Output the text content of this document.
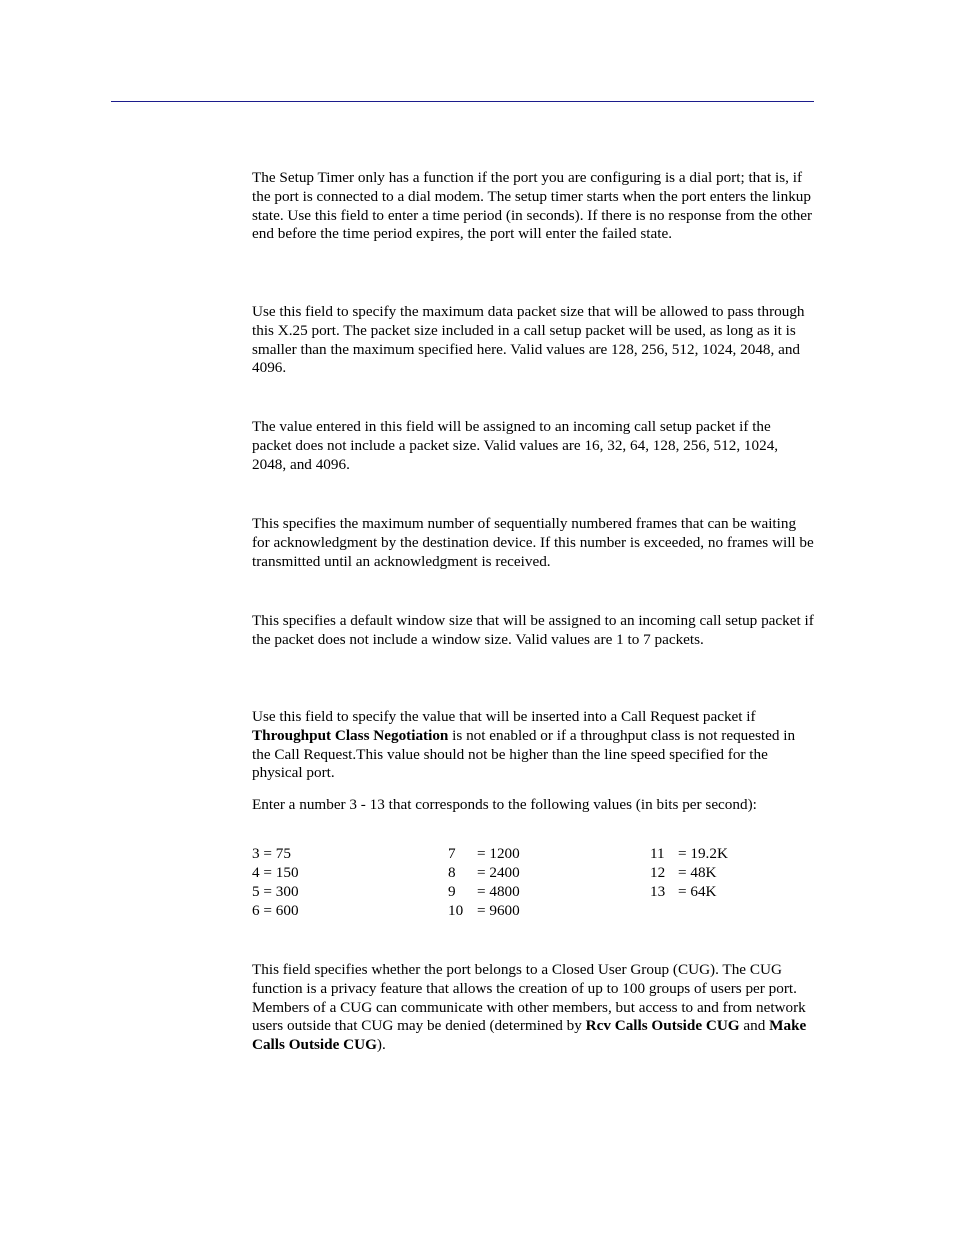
The Setup Timer only has a function if the port you are configuring is a dial port; that is, if the port is connected to a dial modem. The setup timer starts when the port enters the linkup state. Use this field to enter a time period (in seconds). If there is no response from the other end before the time period expires, the port will enter the failed state.

Use this field to specify the maximum data packet size that will be allowed to pass through this X.25 port. The packet size included in a call setup packet will be used, as long as it is smaller than the maximum specified here. Valid values are 128, 256, 512, 1024, 2048, and 4096.

The value entered in this field will be assigned to an incoming call setup packet if the packet does not include a packet size. Valid values are 16, 32, 64, 128, 256, 512, 1024, 2048, and 4096.

This specifies the maximum number of sequentially numbered frames that can be waiting for acknowledgment by the destination device. If this number is exceeded, no frames will be transmitted until an acknowledgment is received.

This specifies a default window size that will be assigned to an incoming call setup packet if the packet does not include a window size. Valid values are 1 to 7 packets.

Use this field to specify the value that will be inserted into a Call Request packet if Throughput Class Negotiation is not enabled or if a throughput class is not requested in the Call Request.This value should not be higher than the line speed specified for the physical port.

Enter a number 3 - 13 that corresponds to the following values (in bits per second):

3 = 75
4 = 150
5 = 300
6 = 600
7
8
9
10
= 1200
= 2400
= 4800
= 9600
11
12
13
= 19.2K
= 48K
= 64K

This field specifies whether the port belongs to a Closed User Group (CUG). The CUG function is a privacy feature that allows the creation of up to 100 groups of users per port. Members of a CUG can communicate with other members, but access to and from network users outside that CUG may be denied (determined by Rcv Calls Outside CUG and Make Calls Outside CUG).
